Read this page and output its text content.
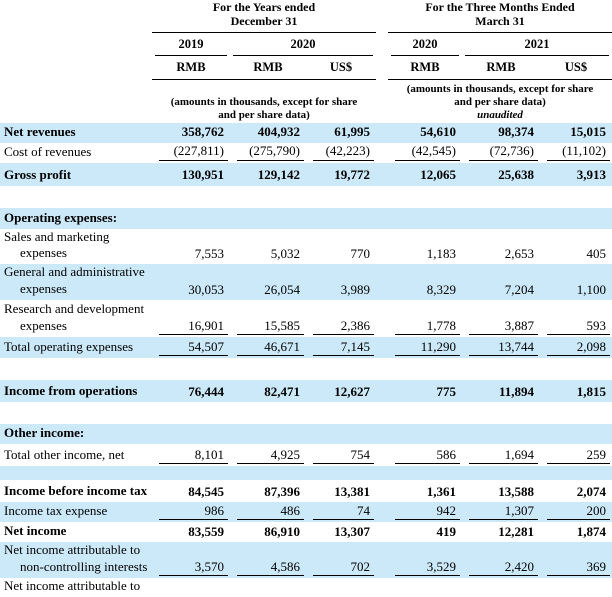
	For the Years ended
December 31				For the Three Months Ended
March 31		

	2019	2020			2020	2021	

	RMB	RMB	US$		RMB	RMB	US$
	(amounts in thousands, except for share
and per share data)				(amounts in thousands, except for share
and per share data)
unaudited		
Net revenues	358,762	404,932	61,995		54,610	98,374	15,015

Cost of revenues	(227,811)	(275,790)	(42,223)		(42,545)	(72,736)	(11,102)

Gross profit	130,951	129,142	19,772		12,065	25,638	3,913

Operating expenses:	

Sales and marketing expenses	7,553	5,032	770		1,183	2,653	405

General and administrative expenses	30,053	26,054	3,989		8,329	7,204	1,100

Research and development expenses	16,901	15,585	2,386		1,778	3,887	593

Total operating expenses	54,507	46,671	7,145		11,290	13,744	2,098

Income from operations	76,444	82,471	12,627		775	11,894	1,815

Other income:	

Total other income, net	8,101	4,925	754		586	1,694	259

Income before income tax	84,545	87,396	13,381		1,361	13,588	2,074

Income tax expense	986	486	74		942	1,307	200

Net income	83,559	86,910	13,307		419	12,281	1,874

Net income attributable to non-controlling interests	3,570	4,586	702		3,529	2,420	369

Net income attributable to	
